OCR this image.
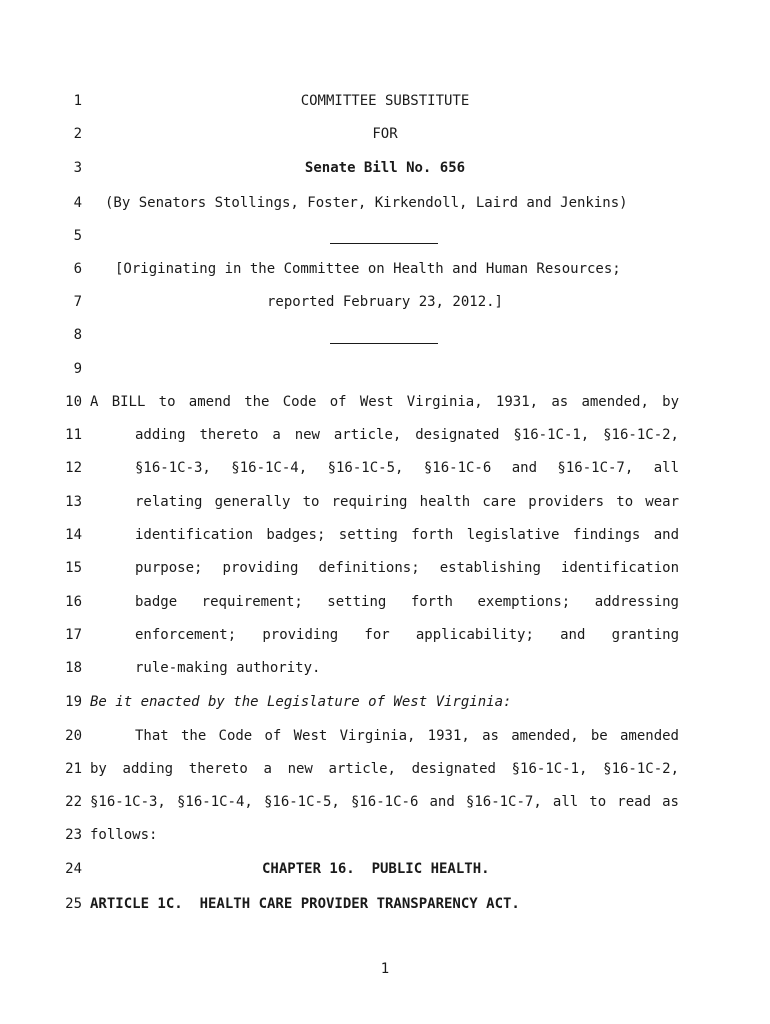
1
2
3
4
5
6
7
8
9
10
11
12
13
14
15
16
17
18
19
20
21
22
23
24
25
COMMITTEE SUBSTITUTE
FOR
Senate Bill No. 656
(By Senators Stollings, Foster, Kirkendoll, Laird and Jenkins)
[Originating in the Committee on Health and Human Resources;
reported February 23, 2012.]
A BILL to amend the Code of West Virginia, 1931, as amended, by
adding thereto a new article, designated §16-1C-1, §16-1C-2,
§16-1C-3, §16-1C-4, §16-1C-5, §16-1C-6 and §16-1C-7, all
relating generally to requiring health care providers to wear
identification badges; setting forth legislative findings and
purpose; providing definitions; establishing identification
badge requirement; setting forth exemptions; addressing
enforcement; providing for applicability; and granting
rule-making authority.
Be it enacted by the Legislature of West Virginia:
That the Code of West Virginia, 1931, as amended, be amended
by adding thereto a new article, designated §16-1C-1, §16-1C-2,
§16-1C-3, §16-1C-4, §16-1C-5, §16-1C-6 and §16-1C-7, all to read as
follows:
CHAPTER 16.  PUBLIC HEALTH.
ARTICLE 1C.  HEALTH CARE PROVIDER TRANSPARENCY ACT.
1
